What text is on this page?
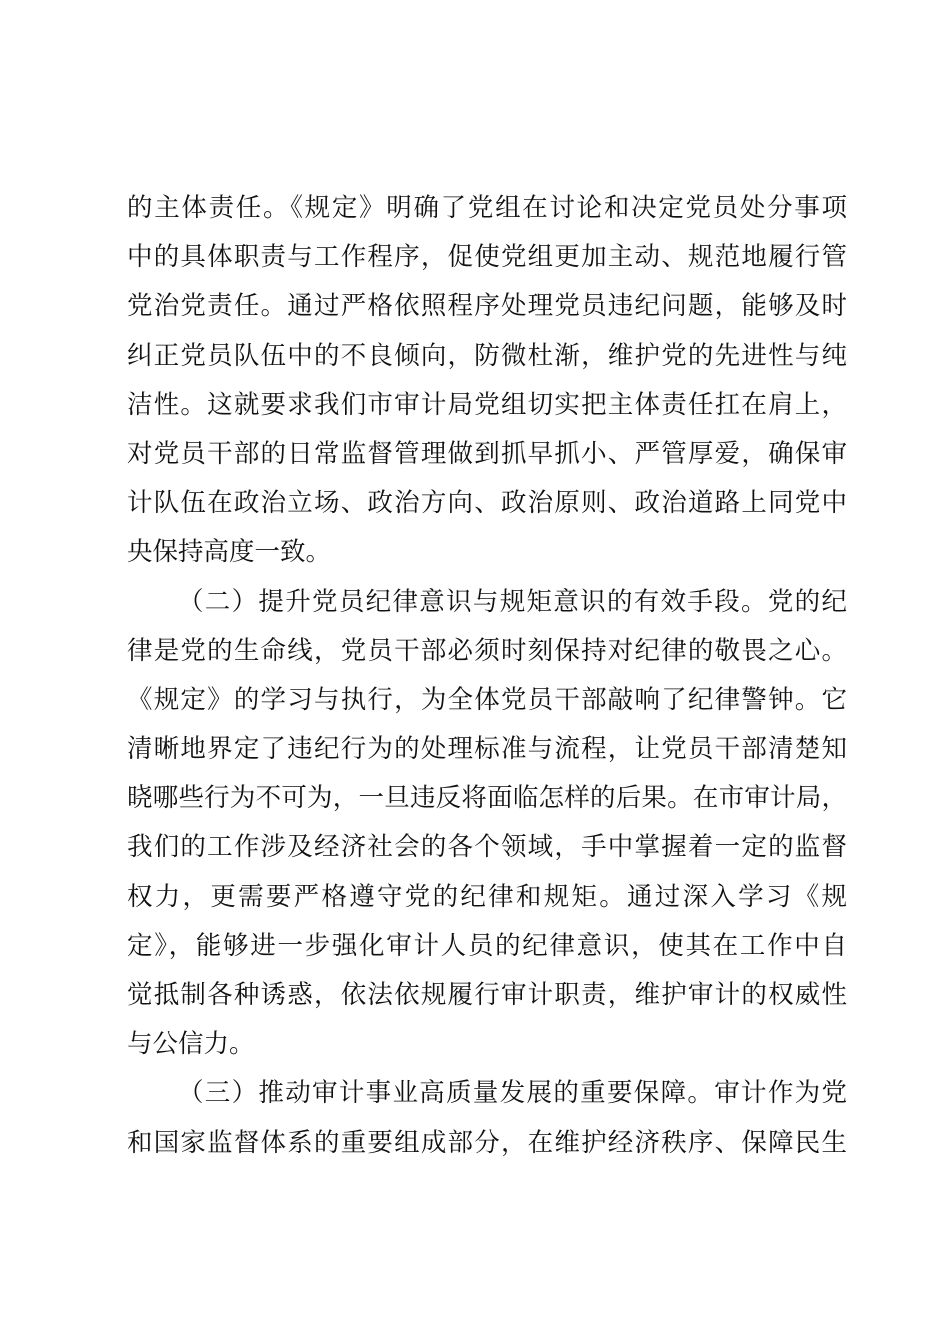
的主体责任。《规定》明确了党组在讨论和决定党员处分事项
中的具体职责与工作程序，促使党组更加主动、规范地履行管
党治党责任。通过严格依照程序处理党员违纪问题，能够及时
纠正党员队伍中的不良倾向，防微杜渐，维护党的先进性与纯
洁性。这就要求我们市审计局党组切实把主体责任扛在肩上，
对党员干部的日常监督管理做到抓早抓小、严管厚爱，确保审
计队伍在政治立场、政治方向、政治原则、政治道路上同党中
央保持高度一致。
（二）提升党员纪律意识与规矩意识的有效手段。党的纪
律是党的生命线，党员干部必须时刻保持对纪律的敬畏之心。
《规定》的学习与执行，为全体党员干部敲响了纪律警钟。它
清晰地界定了违纪行为的处理标准与流程，让党员干部清楚知
晓哪些行为不可为，一旦违反将面临怎样的后果。在市审计局，
我们的工作涉及经济社会的各个领域，手中掌握着一定的监督
权力，更需要严格遵守党的纪律和规矩。通过深入学习《规
定》，能够进一步强化审计人员的纪律意识，使其在工作中自
觉抵制各种诱惑，依法依规履行审计职责，维护审计的权威性
与公信力。
（三）推动审计事业高质量发展的重要保障。审计作为党
和国家监督体系的重要组成部分，在维护经济秩序、保障民生
